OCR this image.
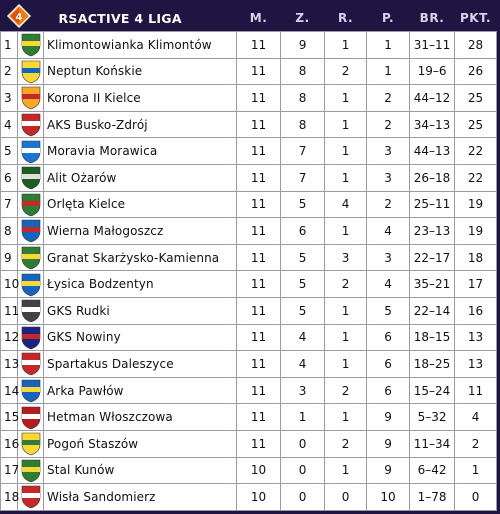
4	RSACTIVE 4 LIGA			M.	Z.	R.	P.	BR.	PKT.
1		Klimontowianka Klimontów	11	9	1	1	31–11	28
2		Neptun Końskie	11	8	2	1	19–6	26
3		Korona II Kielce	11	8	1	2	44–12	25
4		AKS Busko-Zdrój	11	8	1	2	34–13	25
5		Moravia Morawica	11	7	1	3	44–13	22
6		Alit Ożarów	11	7	1	3	26–18	22
7		Orlęta Kielce	11	5	4	2	25–11	19
8		Wierna Małogoszcz	11	6	1	4	23–13	19
9		Granat Skarżysko-Kamienna	11	5	3	3	22–17	18
10		Łysica Bodzentyn	11	5	2	4	35–21	17
11		GKS Rudki	11	5	1	5	22–14	16
12		GKS Nowiny	11	4	1	6	18–15	13
13		Spartakus Daleszyce	11	4	1	6	18–25	13
14		Arka Pawłów	11	3	2	6	15–24	11
15		Hetman Włoszczowa	11	1	1	9	5–32	4
16		Pogoń Staszów	11	0	2	9	11–34	2
17		Stal Kunów	10	0	1	9	6–42	1
18		Wisła Sandomierz	10	0	0	10	1–78	0
